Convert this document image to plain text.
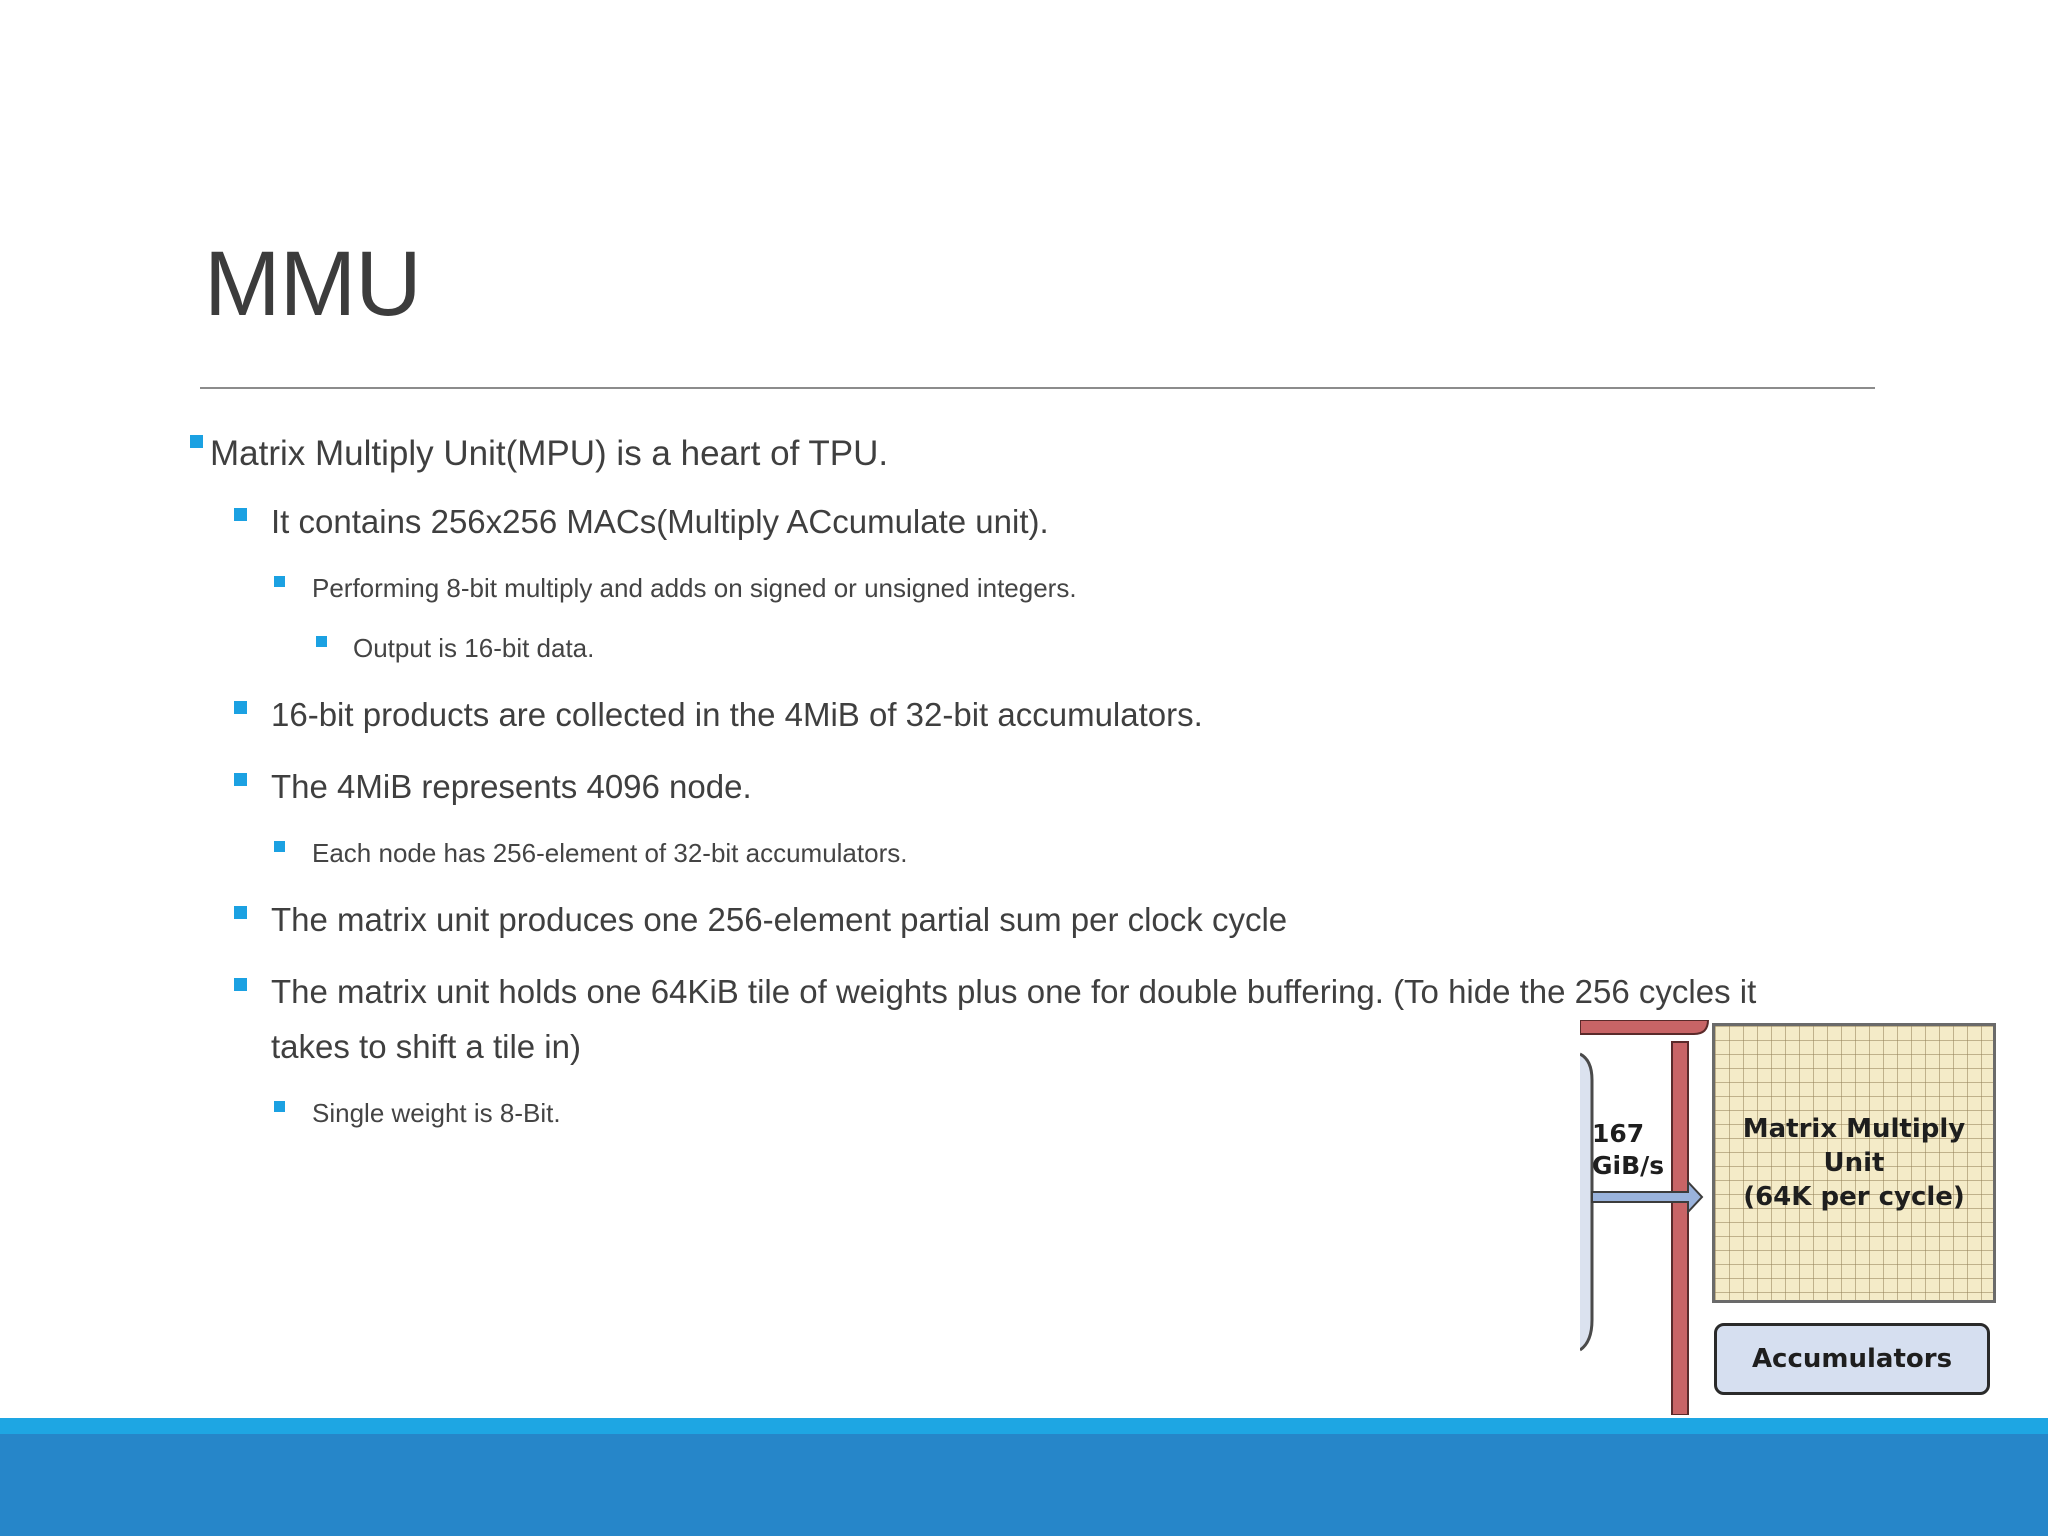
MMU
Matrix Multiply Unit(MPU) is a heart of TPU.
It contains 256x256 MACs(Multiply ACcumulate unit).
Performing 8-bit multiply and adds on signed or unsigned integers.
Output is 16-bit data.
16-bit products are collected in the 4MiB of 32-bit accumulators.
The 4MiB represents 4096 node.
Each node has 256-element of 32-bit accumulators.
The matrix unit produces one 256-element partial sum per clock cycle
The matrix unit holds one 64KiB tile of weights plus one for double buffering. (To hide the 256 cycles it
takes to shift a tile in)
Single weight is 8-Bit.
Matrix Multiply
Unit
(64K per cycle)
Accumulators
167
GiB/s
